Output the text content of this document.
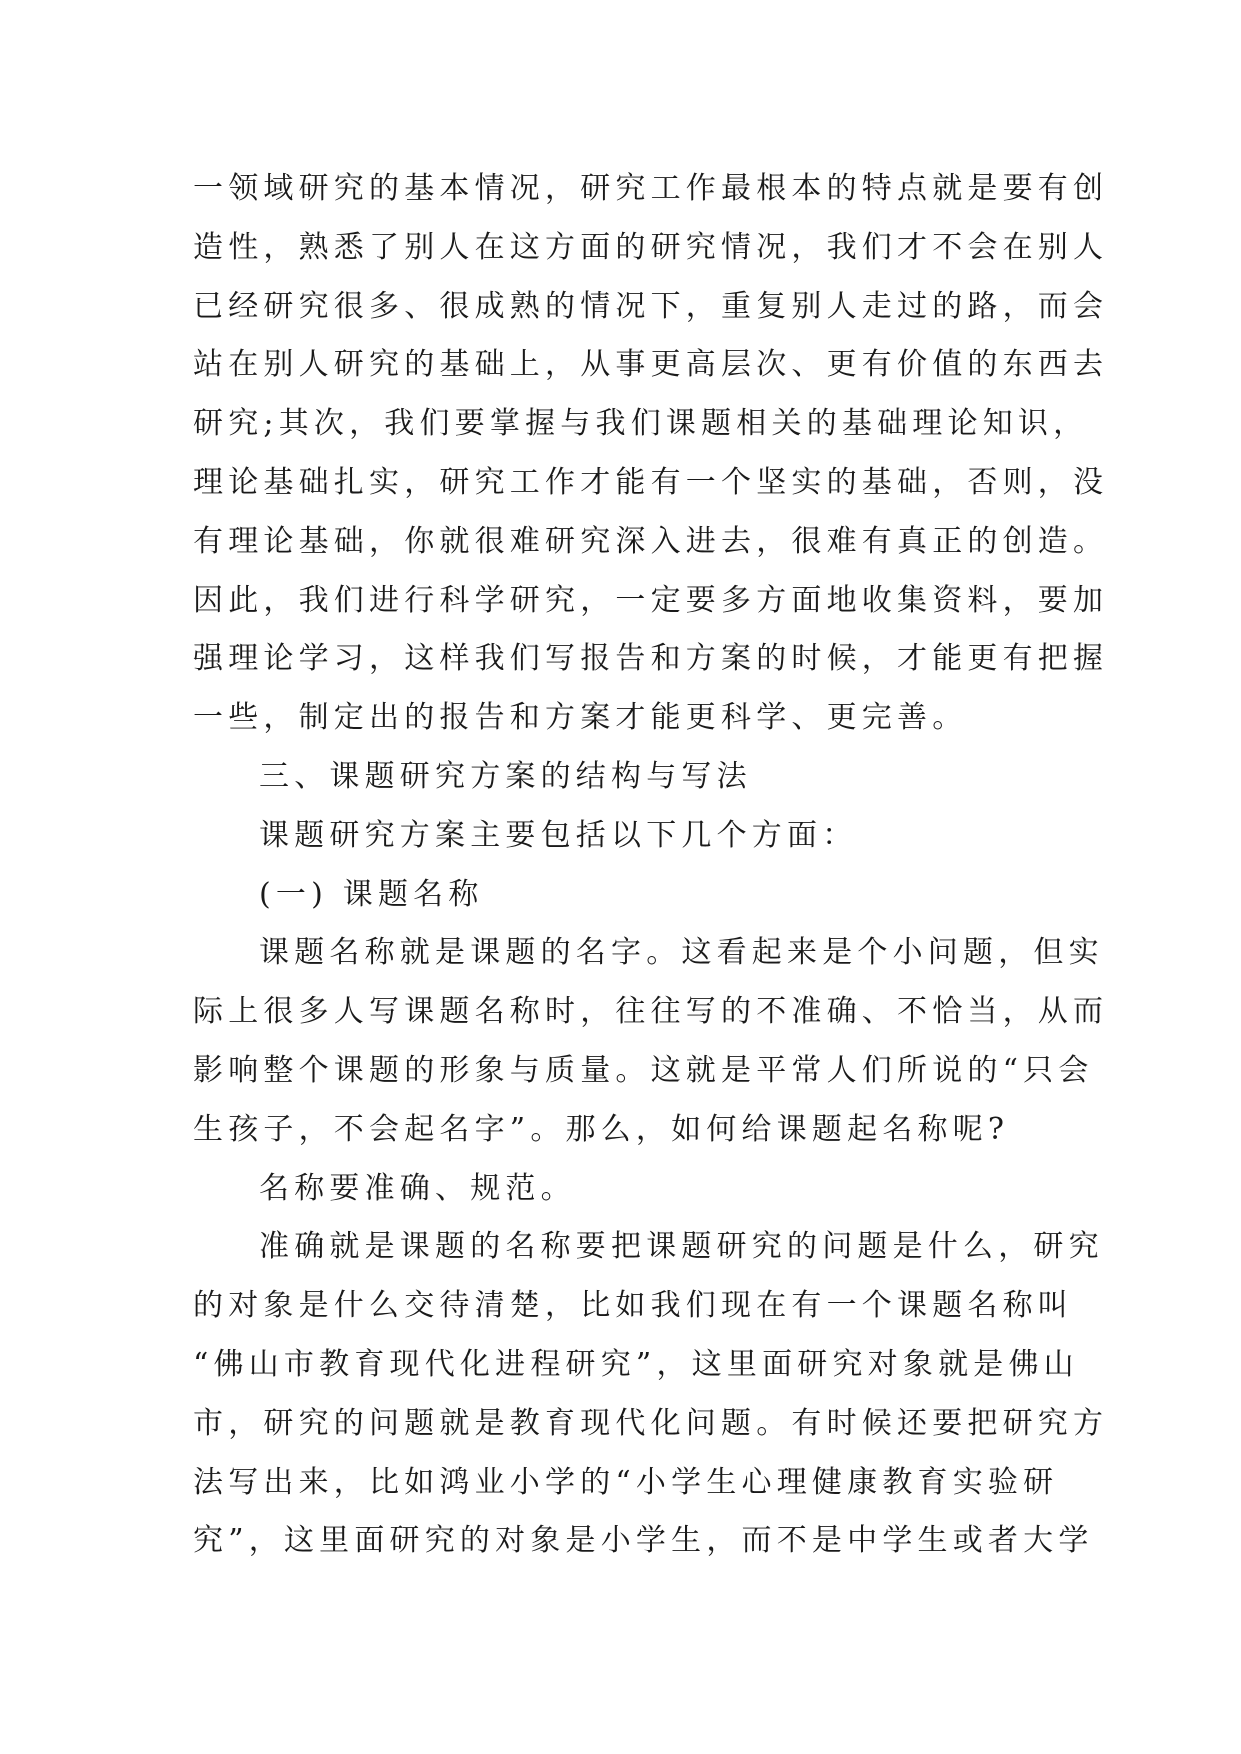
一领域研究的基本情况，研究工作最根本的特点就是要有创
造性，熟悉了别人在这方面的研究情况，我们才不会在别人
已经研究很多、很成熟的情况下，重复别人走过的路，而会
站在别人研究的基础上，从事更高层次、更有价值的东西去
研究;其次，我们要掌握与我们课题相关的基础理论知识，
理论基础扎实，研究工作才能有一个坚实的基础，否则，没
有理论基础，你就很难研究深入进去，很难有真正的创造。
因此，我们进行科学研究，一定要多方面地收集资料，要加
强理论学习，这样我们写报告和方案的时候，才能更有把握
一些，制定出的报告和方案才能更科学、更完善。
三、课题研究方案的结构与写法
课题研究方案主要包括以下几个方面：
(一) 课题名称
课题名称就是课题的名字。这看起来是个小问题，但实
际上很多人写课题名称时，往往写的不准确、不恰当，从而
影响整个课题的形象与质量。这就是平常人们所说的“只会
生孩子，不会起名字”。那么，如何给课题起名称呢?
名称要准确、规范。
准确就是课题的名称要把课题研究的问题是什么，研究
的对象是什么交待清楚，比如我们现在有一个课题名称叫
“佛山市教育现代化进程研究”，这里面研究对象就是佛山
市，研究的问题就是教育现代化问题。有时候还要把研究方
法写出来，比如鸿业小学的“小学生心理健康教育实验研
究”，这里面研究的对象是小学生，而不是中学生或者大学
